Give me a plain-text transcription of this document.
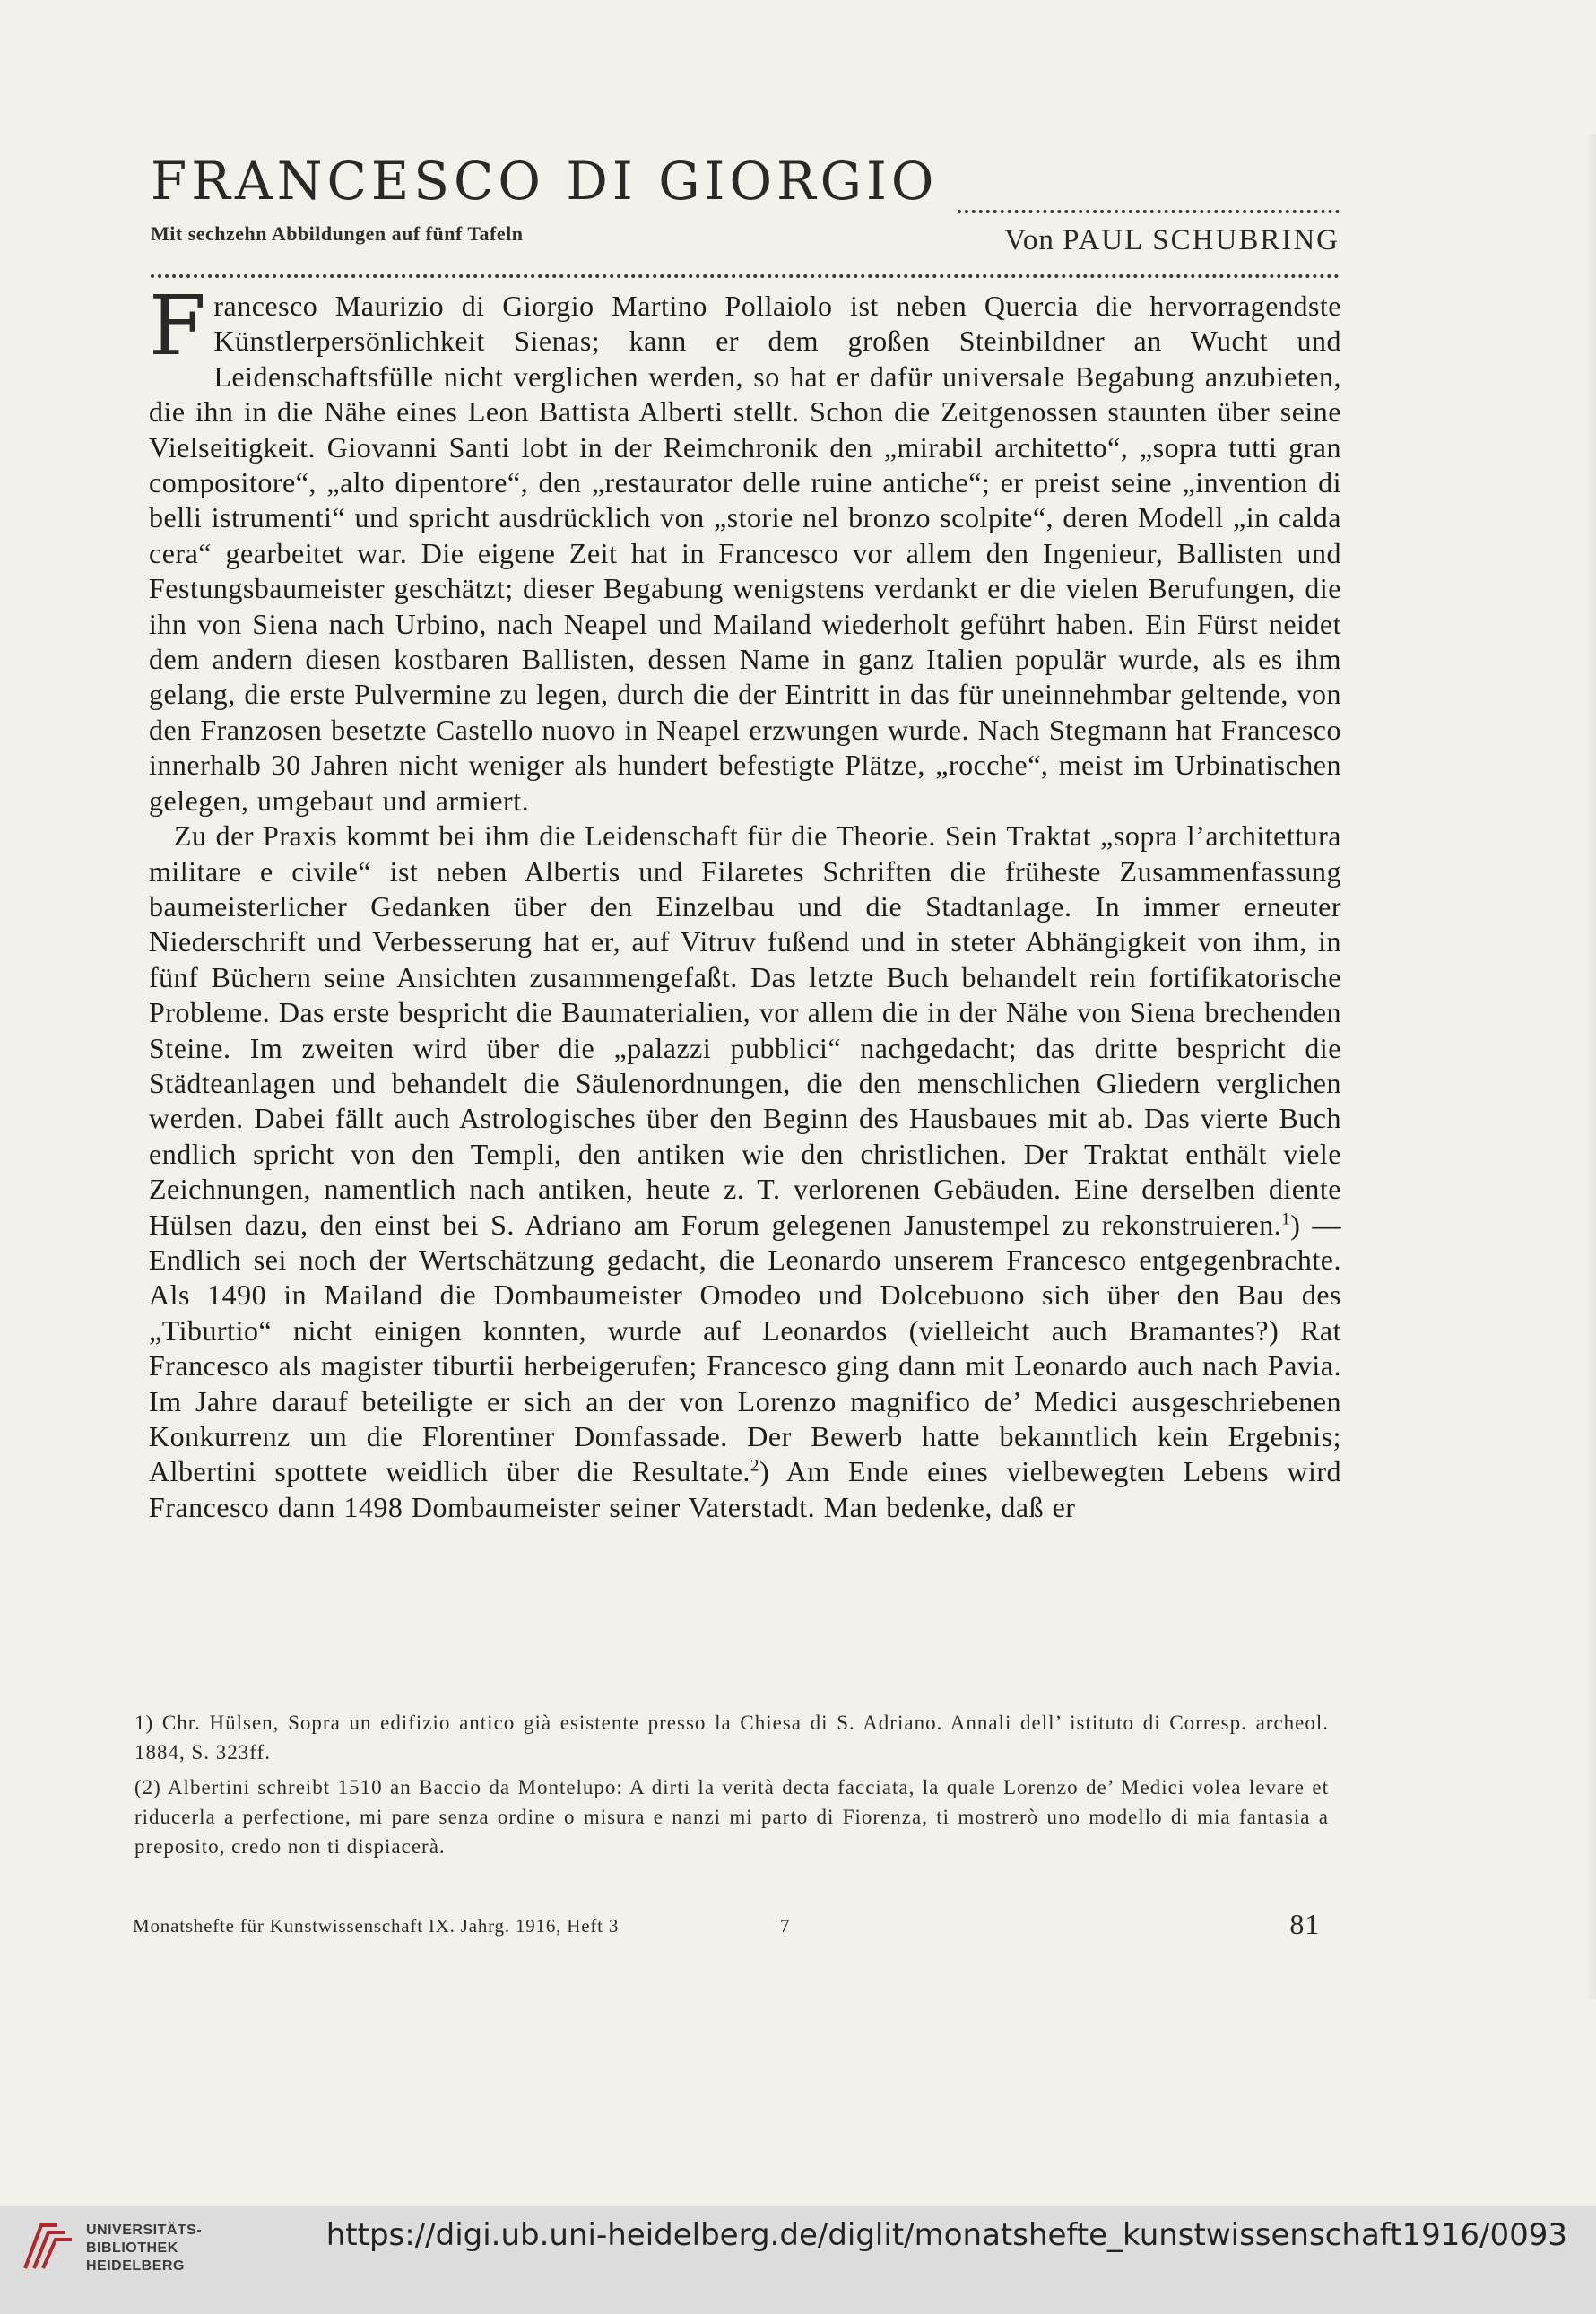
FRANCESCO DI GIORGIO
Mit sechzehn Abbildungen auf fünf Tafeln	Von PAUL SCHUBRING

Francesco Maurizio di Giorgio Martino Pollaiolo ist neben Quercia die hervorragendste Künstlerpersönlichkeit Sienas; kann er dem großen Steinbildner an Wucht und Leidenschaftsfülle nicht verglichen werden, so hat er dafür universale Begabung anzubieten, die ihn in die Nähe eines Leon Battista Alberti stellt. Schon die Zeitgenossen staunten über seine Vielseitigkeit. Giovanni Santi lobt in der Reimchronik den „mirabil architetto“, „sopra tutti gran compositore“, „alto dipentore“, den „restaurator delle ruine antiche“; er preist seine „invention di belli istrumenti“ und spricht ausdrücklich von „storie nel bronzo scolpite“, deren Modell „in calda cera“ gearbeitet war. Die eigene Zeit hat in Francesco vor allem den Ingenieur, Ballisten und Festungsbaumeister geschätzt; dieser Begabung wenigstens verdankt er die vielen Berufungen, die ihn von Siena nach Urbino, nach Neapel und Mailand wiederholt geführt haben. Ein Fürst neidet dem andern diesen kostbaren Ballisten, dessen Name in ganz Italien populär wurde, als es ihm gelang, die erste Pulvermine zu legen, durch die der Eintritt in das für uneinnehmbar geltende, von den Franzosen besetzte Castello nuovo in Neapel erzwungen wurde. Nach Stegmann hat Francesco innerhalb 30 Jahren nicht weniger als hundert befestigte Plätze, „rocche“, meist im Urbinatischen gelegen, umgebaut und armiert.

Zu der Praxis kommt bei ihm die Leidenschaft für die Theorie. Sein Traktat „sopra l’architettura militare e civile“ ist neben Albertis und Filaretes Schriften die früheste Zusammenfassung baumeisterlicher Gedanken über den Einzelbau und die Stadtanlage. In immer erneuter Niederschrift und Verbesserung hat er, auf Vitruv fußend und in steter Abhängigkeit von ihm, in fünf Büchern seine Ansichten zusammengefaßt. Das letzte Buch behandelt rein fortifikatorische Probleme. Das erste bespricht die Baumaterialien, vor allem die in der Nähe von Siena brechenden Steine. Im zweiten wird über die „palazzi pubblici“ nachgedacht; das dritte bespricht die Städteanlagen und behandelt die Säulenordnungen, die den menschlichen Gliedern verglichen werden. Dabei fällt auch Astrologisches über den Beginn des Hausbaues mit ab. Das vierte Buch endlich spricht von den Templi, den antiken wie den christlichen. Der Traktat enthält viele Zeichnungen, namentlich nach antiken, heute z. T. verlorenen Gebäuden. Eine derselben diente Hülsen dazu, den einst bei S. Adriano am Forum gelegenen Janustempel zu rekonstruieren.$^1$) — Endlich sei noch der Wertschätzung gedacht, die Leonardo unserem Francesco entgegenbrachte. Als 1490 in Mailand die Dombaumeister Omodeo und Dolcebuono sich über den Bau des „Tiburtio“ nicht einigen konnten, wurde auf Leonardos (vielleicht auch Bramantes?) Rat Francesco als magister tiburtii herbeigerufen; Francesco ging dann mit Leonardo auch nach Pavia. Im Jahre darauf beteiligte er sich an der von Lorenzo magnifico de’ Medici ausgeschriebenen Konkurrenz um die Florentiner Domfassade. Der Bewerb hatte bekanntlich kein Ergebnis; Albertini spottete weidlich über die Resultate.$^2$) Am Ende eines vielbewegten Lebens wird Francesco dann 1498 Dombaumeister seiner Vaterstadt. Man bedenke, daß er

1) Chr. Hülsen, Sopra un edifizio antico già esistente presso la Chiesa di S. Adriano. Annali dell’ istituto di Corresp. archeol. 1884, S. 323ff.

(2) Albertini schreibt 1510 an Baccio da Montelupo: A dirti la verità decta facciata, la quale Lorenzo de’ Medici volea levare et riducerla a perfectione, mi pare senza ordine o misura e nanzi mi parto di Fiorenza, ti mostrerò uno modello di mia fantasia a preposito, credo non ti dispiacerà.

Monatshefte für Kunstwissenschaft IX. Jahrg. 1916, Heft 3	7	81
UNIVERSITÄTS-
BIBLIOTHEK
HEIDELBERG
https://digi.ub.uni-heidelberg.de/diglit/monatshefte_kunstwissenschaft1916/0093
